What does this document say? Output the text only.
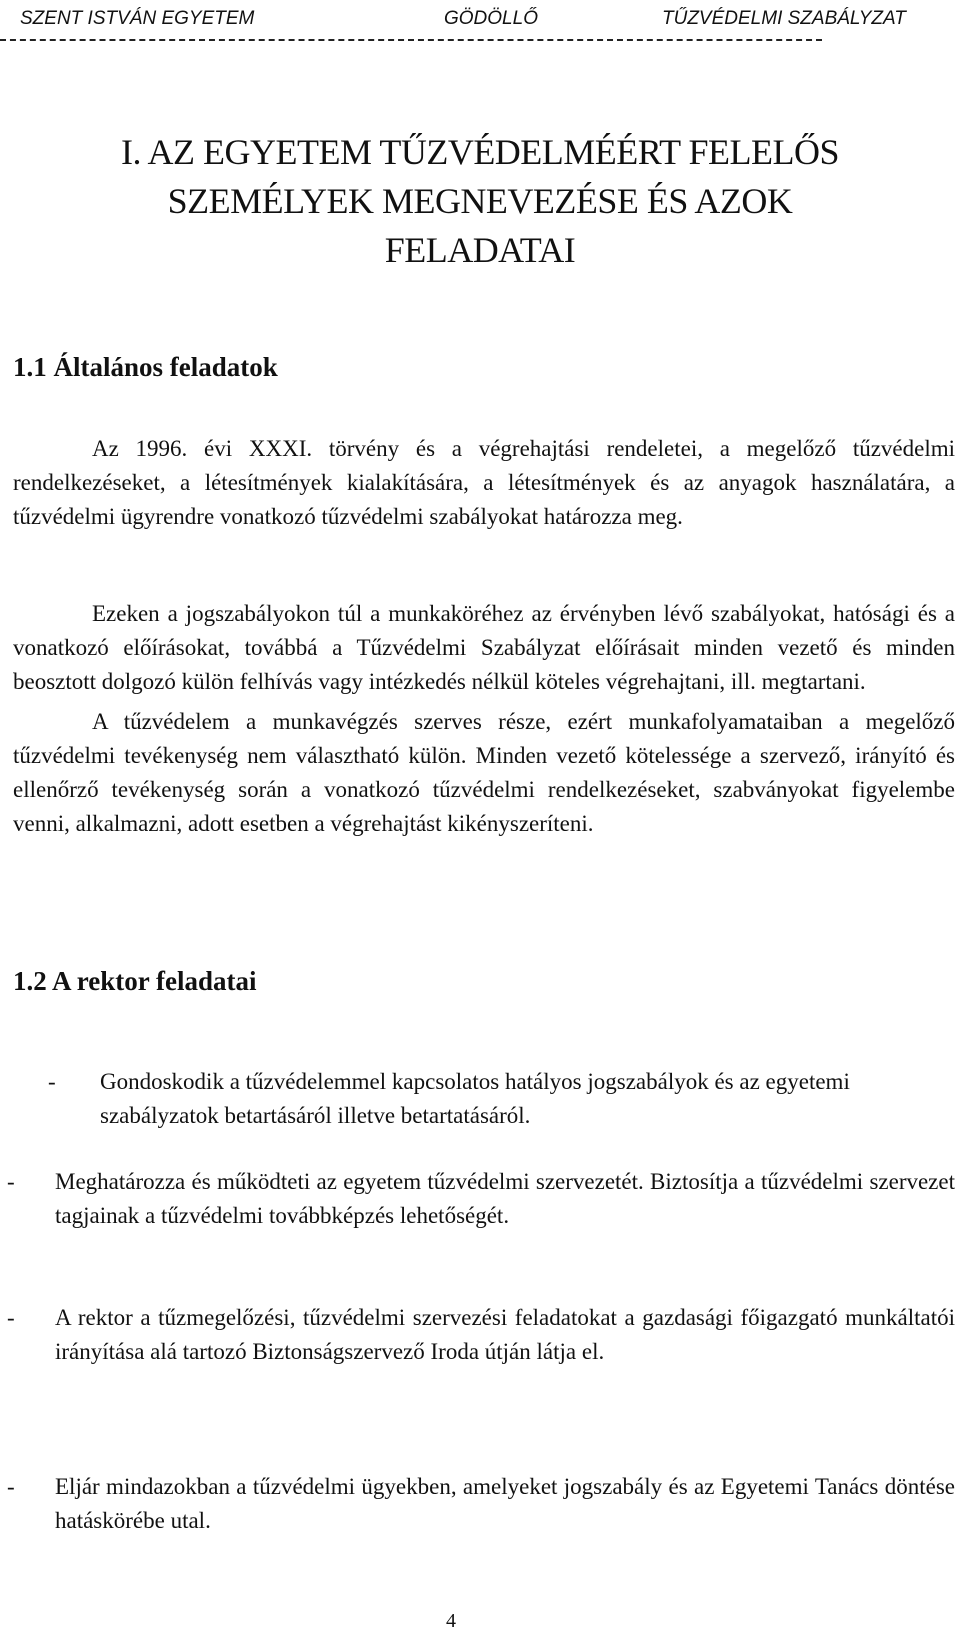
SZENT ISTVÁN EGYETEM	GÖDÖLLŐ	TŰZVÉDELMI SZABÁLYZAT
I. AZ EGYETEM TŰZVÉDELMÉÉRT FELELŐS
SZEMÉLYEK MEGNEVEZÉSE ÉS AZOK
FELADATAI
1.1 Általános feladatok
Az 1996. évi XXXI. törvény és a végrehajtási rendeletei, a megelőző tűzvédelmi rendelkezéseket, a létesítmények kialakítására, a létesítmények és az anyagok használatára, a tűzvédelmi ügyrendre vonatkozó tűzvédelmi szabályokat határozza meg.
Ezeken a jogszabályokon túl a munkaköréhez az érvényben lévő szabályokat, hatósági és a vonatkozó előírásokat, továbbá a Tűzvédelmi Szabályzat előírásait minden vezető és minden beosztott dolgozó külön felhívás vagy intézkedés nélkül köteles végrehajtani, ill. megtartani.
A tűzvédelem a munkavégzés szerves része, ezért munkafolyamataiban a megelőző tűzvédelmi tevékenység nem választható külön. Minden vezető kötelessége a szervező, irányító és ellenőrző tevékenység során a vonatkozó tűzvédelmi rendelkezéseket, szabványokat figyelembe venni, alkalmazni, adott esetben a végrehajtást kikényszeríteni.
1.2 A rektor feladatai
- Gondoskodik a tűzvédelemmel kapcsolatos hatályos jogszabályok és az egyetemi szabályzatok betartásáról illetve betartatásáról.
- Meghatározza és működteti az egyetem tűzvédelmi szervezetét. Biztosítja a tűzvédelmi szervezet tagjainak a tűzvédelmi továbbképzés lehetőségét.
- A rektor a tűzmegelőzési, tűzvédelmi szervezési feladatokat a gazdasági főigazgató munkáltatói irányítása alá tartozó Biztonságszervező Iroda útján látja el.
- Eljár mindazokban a tűzvédelmi ügyekben, amelyeket jogszabály és az Egyetemi Tanács döntése hatáskörébe utal.
4
